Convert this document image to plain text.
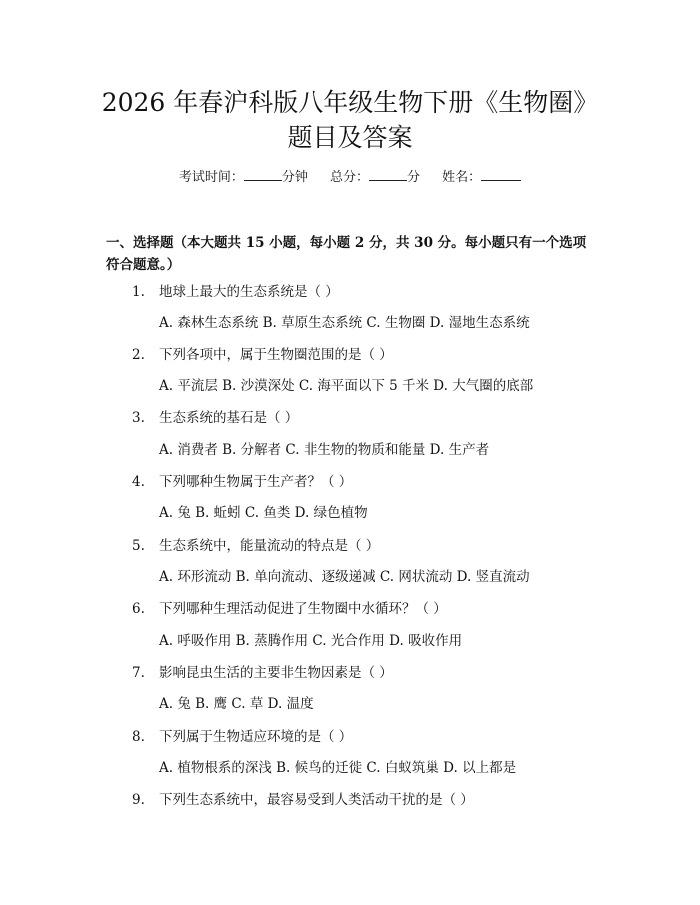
2026 年春沪科版八年级生物下册《生物圈》
题目及答案
考试时间：	分钟 总分：	分 姓名：
一、选择题（本大题共 15 小题，每小题 2 分，共 30 分。每小题只有一个选项符合题意。）
1. 地球上最大的生态系统是（ ）
A. 森林生态系统 B. 草原生态系统 C. 生物圈 D. 湿地生态系统
2. 下列各项中，属于生物圈范围的是（ ）
A. 平流层 B. 沙漠深处 C. 海平面以下 5 千米 D. 大气圈的底部
3. 生态系统的基石是（ ）
A. 消费者 B. 分解者 C. 非生物的物质和能量 D. 生产者
4. 下列哪种生物属于生产者？（ ）
A. 兔 B. 蚯蚓 C. 鱼类 D. 绿色植物
5. 生态系统中，能量流动的特点是（ ）
A. 环形流动 B. 单向流动、逐级递减 C. 网状流动 D. 竖直流动
6. 下列哪种生理活动促进了生物圈中水循环？（ ）
A. 呼吸作用 B. 蒸腾作用 C. 光合作用 D. 吸收作用
7. 影响昆虫生活的主要非生物因素是（ ）
A. 兔 B. 鹰 C. 草 D. 温度
8. 下列属于生物适应环境的是（ ）
A. 植物根系的深浅 B. 候鸟的迁徙 C. 白蚁筑巢 D. 以上都是
9. 下列生态系统中，最容易受到人类活动干扰的是（ ）
